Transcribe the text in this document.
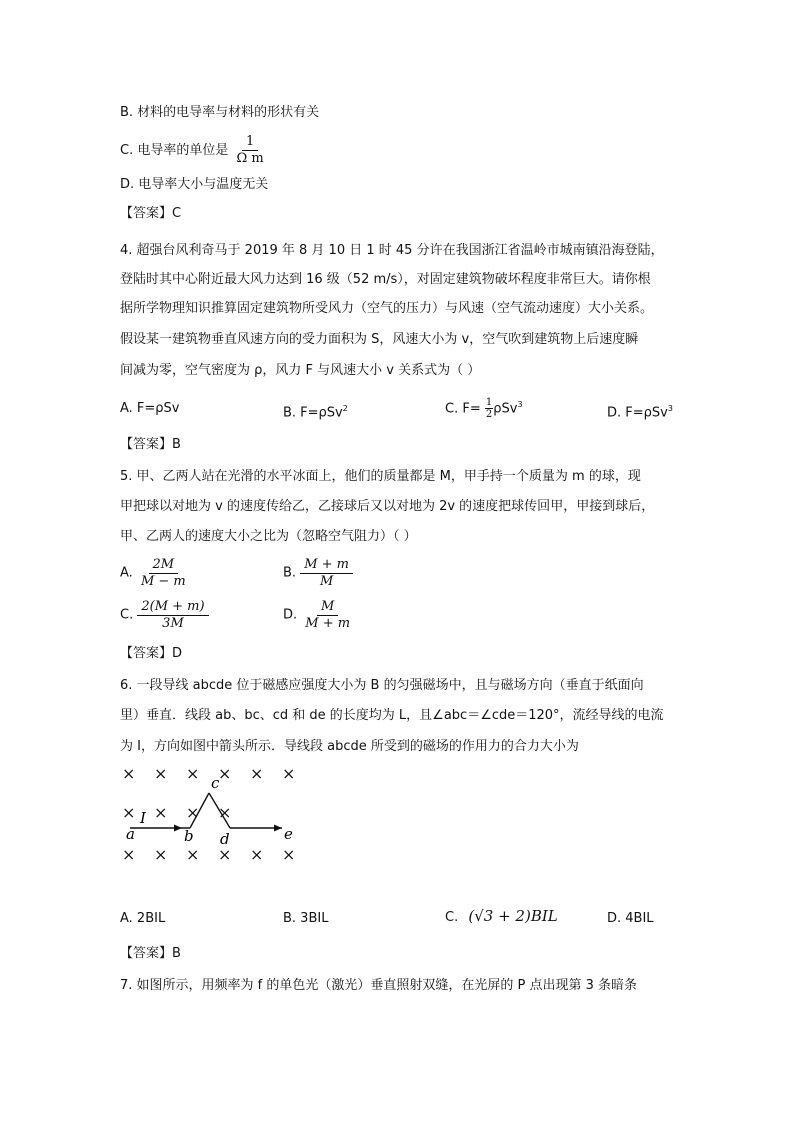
B. 材料的电导率与材料的形状有关
C. 电导率的单位是 $\frac{1}{\text{Ω m}}$
D. 电导率大小与温度无关
【答案】C
4. 超强台风利奇马于 2019 年 8 月 10 日 1 时 45 分许在我国浙江省温岭市城南镇沿海登陆，
登陆时其中心附近最大风力达到 16 级（52 m/s），对固定建筑物破坏程度非常巨大。请你根
据所学物理知识推算固定建筑物所受风力（空气的压力）与风速（空气流动速度）大小关系。
假设某一建筑物垂直风速方向的受力面积为 S，风速大小为 v，空气吹到建筑物上后速度瞬
间减为零，空气密度为 ρ，风力 F 与风速大小 v 关系式为（ ）
A. F=ρSv	B. F=ρSv$^2$	C. $F= \frac{1}{2} \rho Sv^3$
D. F=ρSv$^3$
【答案】B
5. 甲、乙两人站在光滑的水平冰面上，他们的质量都是 M，甲手持一个质量为 m 的球，现
甲把球以对地为 v 的速度传给乙，乙接球后又以对地为 2v 的速度把球传回甲，甲接到球后，
甲、乙两人的速度大小之比为（忽略空气阻力）（ ）
A. $\frac{2M}{M - m}$	B. $\frac{M + m}{M}$
C. $\frac{2(M + m)}{3M}$	D. $\frac{M}{M + m}$
【答案】D
6. 一段导线 abcde 位于磁感应强度大小为 B 的匀强磁场中，且与磁场方向（垂直于纸面向
里）垂直．线段 ab、bc、cd 和 de 的长度均为 L，且∠abc＝∠cde＝120°，流经导线的电流
为 I，方向如图中箭头所示．导线段 abcde 所受到的磁场的作用力的合力大小为
× × × × × ×
× × × ×
× × × × × ×
I
a	b
c
d	e
A. 2BIL	B. 3BIL	C. (√3 + 2)BIL	D. 4BIL
【答案】B
7. 如图所示，用频率为 f 的单色光（激光）垂直照射双缝，在光屏的 P 点出现第 3 条暗条
